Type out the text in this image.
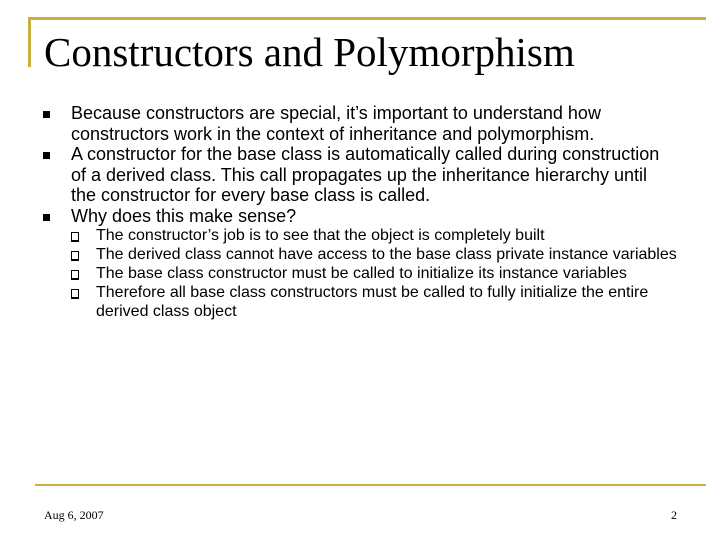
Constructors and Polymorphism
Because constructors are special, it’s important to understand how constructors work in the context of inheritance and polymorphism.
A constructor for the base class is automatically called during construction of a derived class. This call propagates up the inheritance hierarchy until the constructor for every base class is called.
Why does this make sense?
The constructor’s job is to see that the object is completely built
The derived class cannot have access to the base class private instance variables
The base class constructor must be called to initialize its instance variables
Therefore all base class constructors must be called to fully initialize the entire derived class object
Aug 6, 2007	2
